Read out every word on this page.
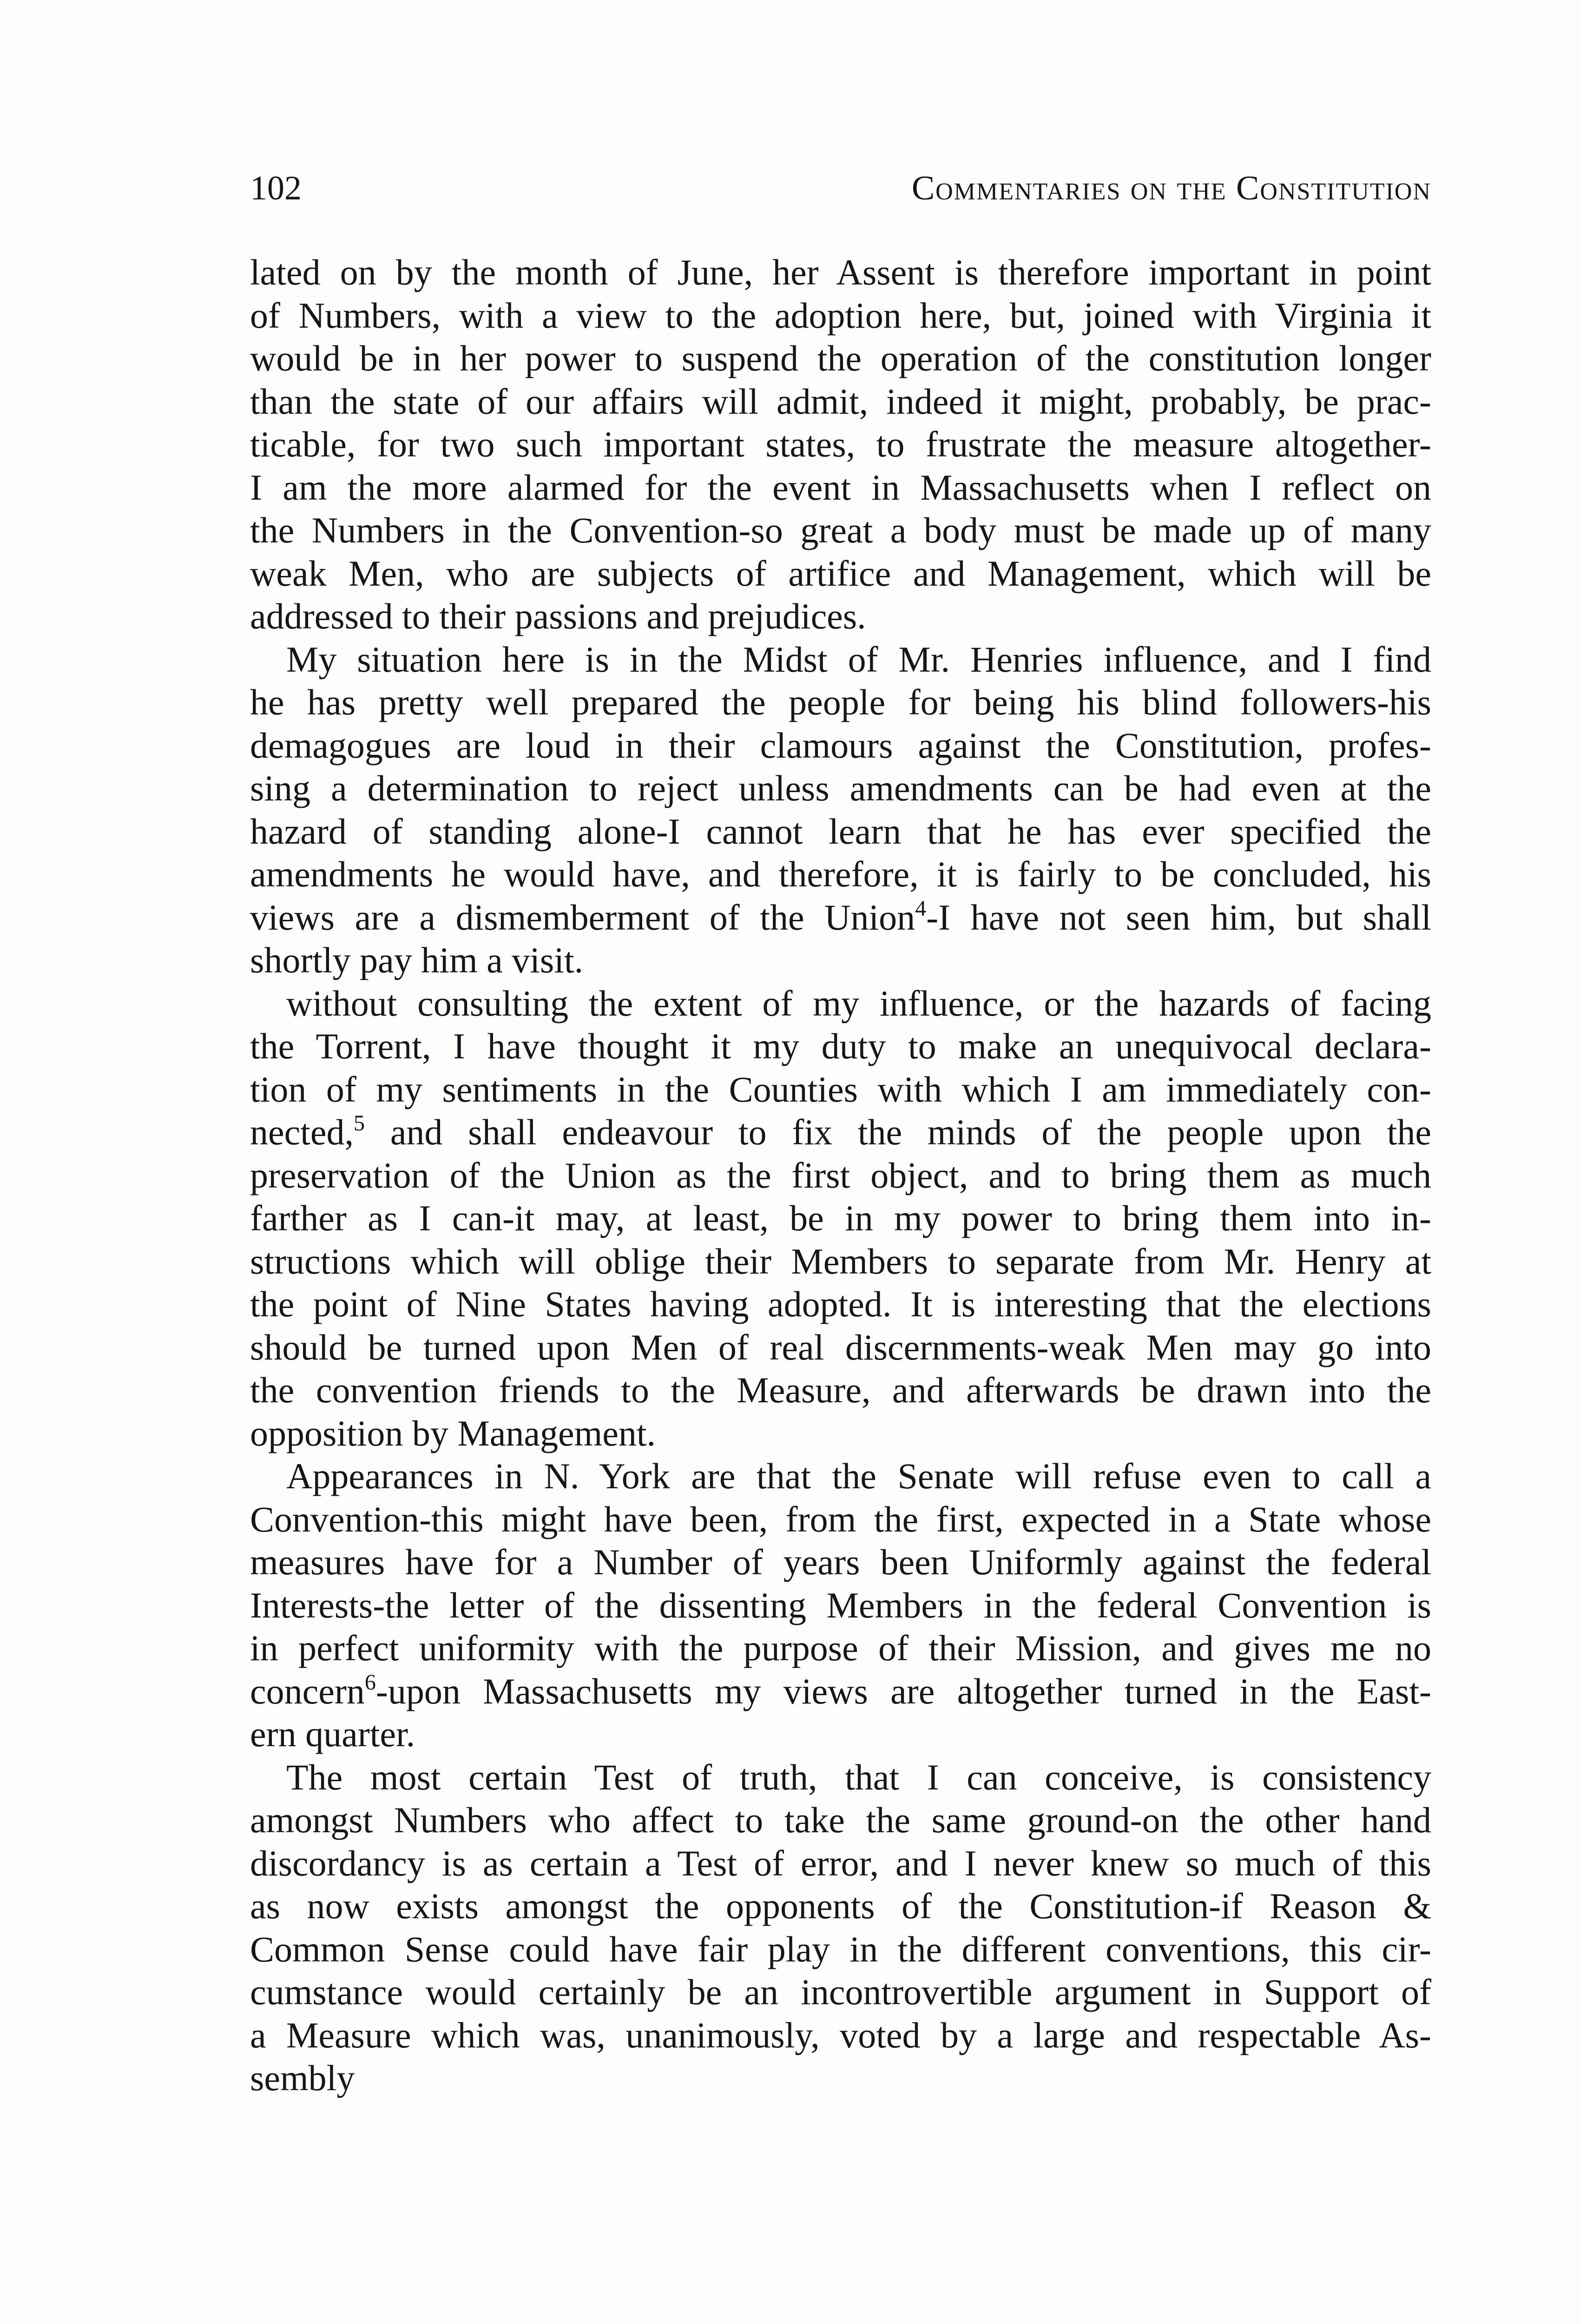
102	Commentaries on the Constitution

lated on by the month of June, her Assent is therefore important in point
of Numbers, with a view to the adoption here, but, joined with Virginia it
would be in her power to suspend the operation of the constitution longer
than the state of our affairs will admit, indeed it might, probably, be prac-
ticable, for two such important states, to frustrate the measure altogether-
I am the more alarmed for the event in Massachusetts when I reflect on
the Numbers in the Convention-so great a body must be made up of many
weak Men, who are subjects of artifice and Management, which will be
addressed to their passions and prejudices.

My situation here is in the Midst of Mr. Henries influence, and I find
he has pretty well prepared the people for being his blind followers-his
demagogues are loud in their clamours against the Constitution, profes-
sing a determination to reject unless amendments can be had even at the
hazard of standing alone-I cannot learn that he has ever specified the
amendments he would have, and therefore, it is fairly to be concluded, his
views are a dismemberment of the Union$^4$-I have not seen him, but shall
shortly pay him a visit.

without consulting the extent of my influence, or the hazards of facing
the Torrent, I have thought it my duty to make an unequivocal declara-
tion of my sentiments in the Counties with which I am immediately con-
nected,$^5$ and shall endeavour to fix the minds of the people upon the
preservation of the Union as the first object, and to bring them as much
farther as I can-it may, at least, be in my power to bring them into in-
structions which will oblige their Members to separate from Mr. Henry at
the point of Nine States having adopted. It is interesting that the elections
should be turned upon Men of real discernments-weak Men may go into
the convention friends to the Measure, and afterwards be drawn into the
opposition by Management.

Appearances in N. York are that the Senate will refuse even to call a
Convention-this might have been, from the first, expected in a State whose
measures have for a Number of years been Uniformly against the federal
Interests-the letter of the dissenting Members in the federal Convention is
in perfect uniformity with the purpose of their Mission, and gives me no
concern$^6$-upon Massachusetts my views are altogether turned in the East-
ern quarter.

The most certain Test of truth, that I can conceive, is consistency
amongst Numbers who affect to take the same ground-on the other hand
discordancy is as certain a Test of error, and I never knew so much of this
as now exists amongst the opponents of the Constitution-if Reason &
Common Sense could have fair play in the different conventions, this cir-
cumstance would certainly be an incontrovertible argument in Support of
a Measure which was, unanimously, voted by a large and respectable As-
sembly
